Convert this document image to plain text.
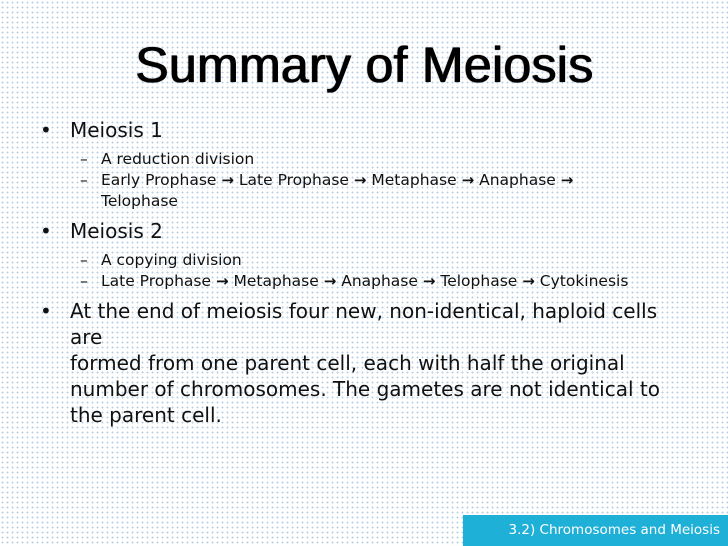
Summary of Meiosis
• Meiosis 1
– A reduction division
– Early Prophase → Late Prophase → Metaphase → Anaphase →
Telophase
• Meiosis 2
– A copying division
– Late Prophase → Metaphase → Anaphase → Telophase → Cytokinesis
• At the end of meiosis four new, non-identical, haploid cells are
formed from one parent cell, each with half the original
number of chromosomes. The gametes are not identical to
the parent cell.
3.2) Chromosomes and Meiosis
